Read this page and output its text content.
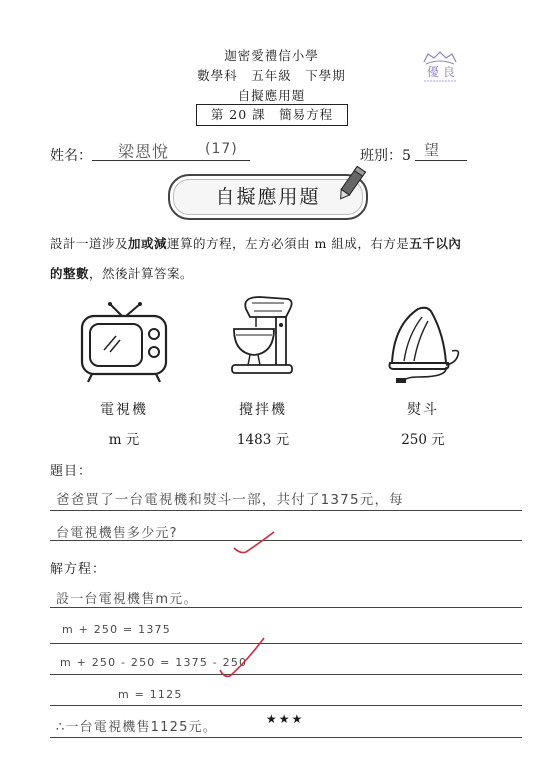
迦密愛禮信小學
數學科　五年級　下學期
自擬應用題
第 20 課　簡易方程
優 良
姓名： 梁恩悅	(17)	班別：5 望
自擬應用題
設計一道涉及加或減運算的方程，左方必須由 m 組成，右方是五千以內
的整數，然後計算答案。
電視機
m 元
攪拌機
1483 元
熨斗
250 元
題目：
爸爸買了一台電視機和熨斗一部，共付了1375元，每
台電視機售多少元?
解方程：
設一台電視機售m元。
m + 250 = 1375
m + 250 - 250 = 1375 - 250
m = 1125
∴一台電視機售1125元。
★★★
